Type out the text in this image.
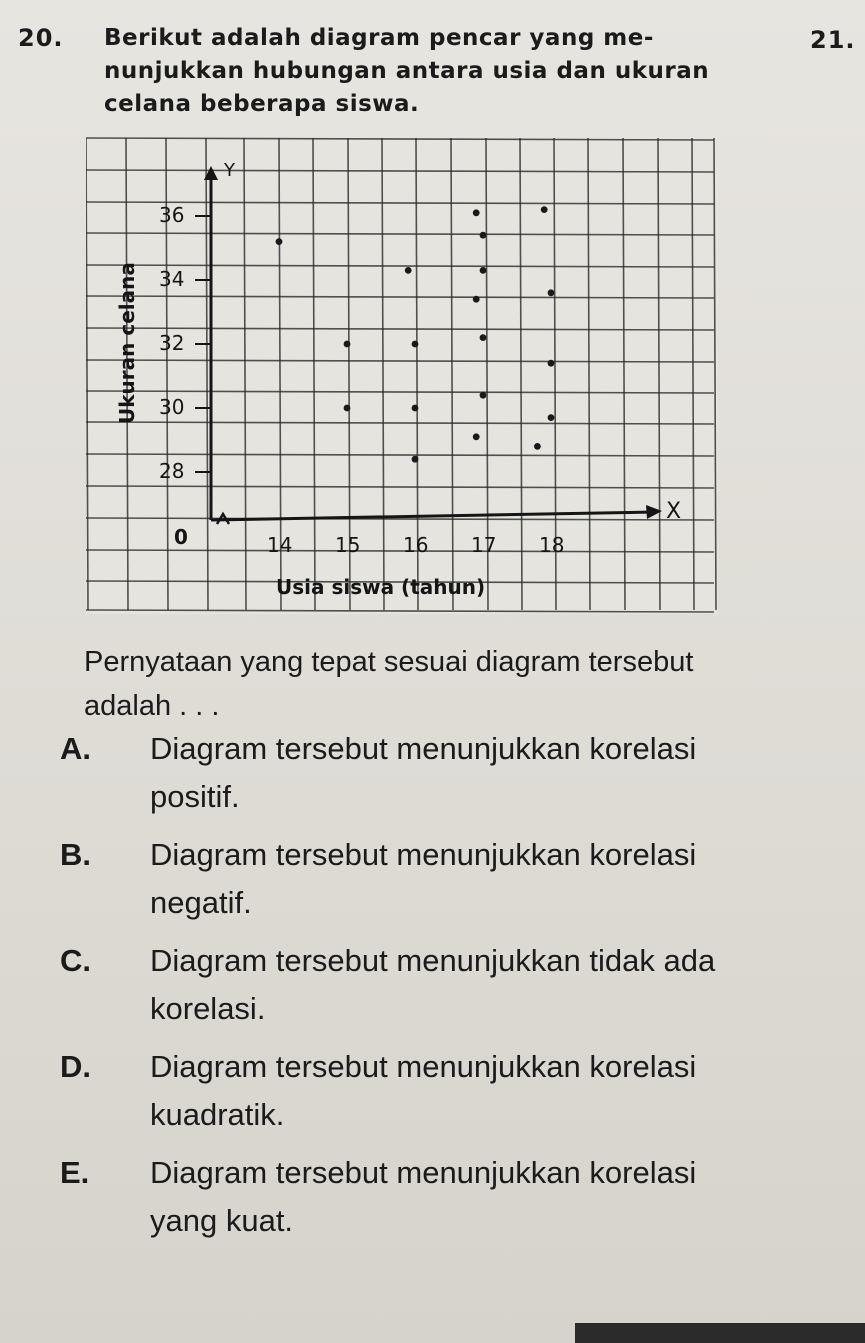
20.	21.
Berikut adalah diagram pencar yang me-
nunjukkan hubungan antara usia dan ukuran
celana beberapa siswa.
Y
X
0
28
30
32
34
36
14 15 16 17 18
Usia siswa (tahun)
Ukuran celana
Pernyataan yang tepat sesuai diagram tersebut
adalah . . .
A. Diagram tersebut menunjukkan korelasi
positif.
B. Diagram tersebut menunjukkan korelasi
negatif.
C. Diagram tersebut menunjukkan tidak ada
korelasi.
D. Diagram tersebut menunjukkan korelasi
kuadratik.
E. Diagram tersebut menunjukkan korelasi
yang kuat.
